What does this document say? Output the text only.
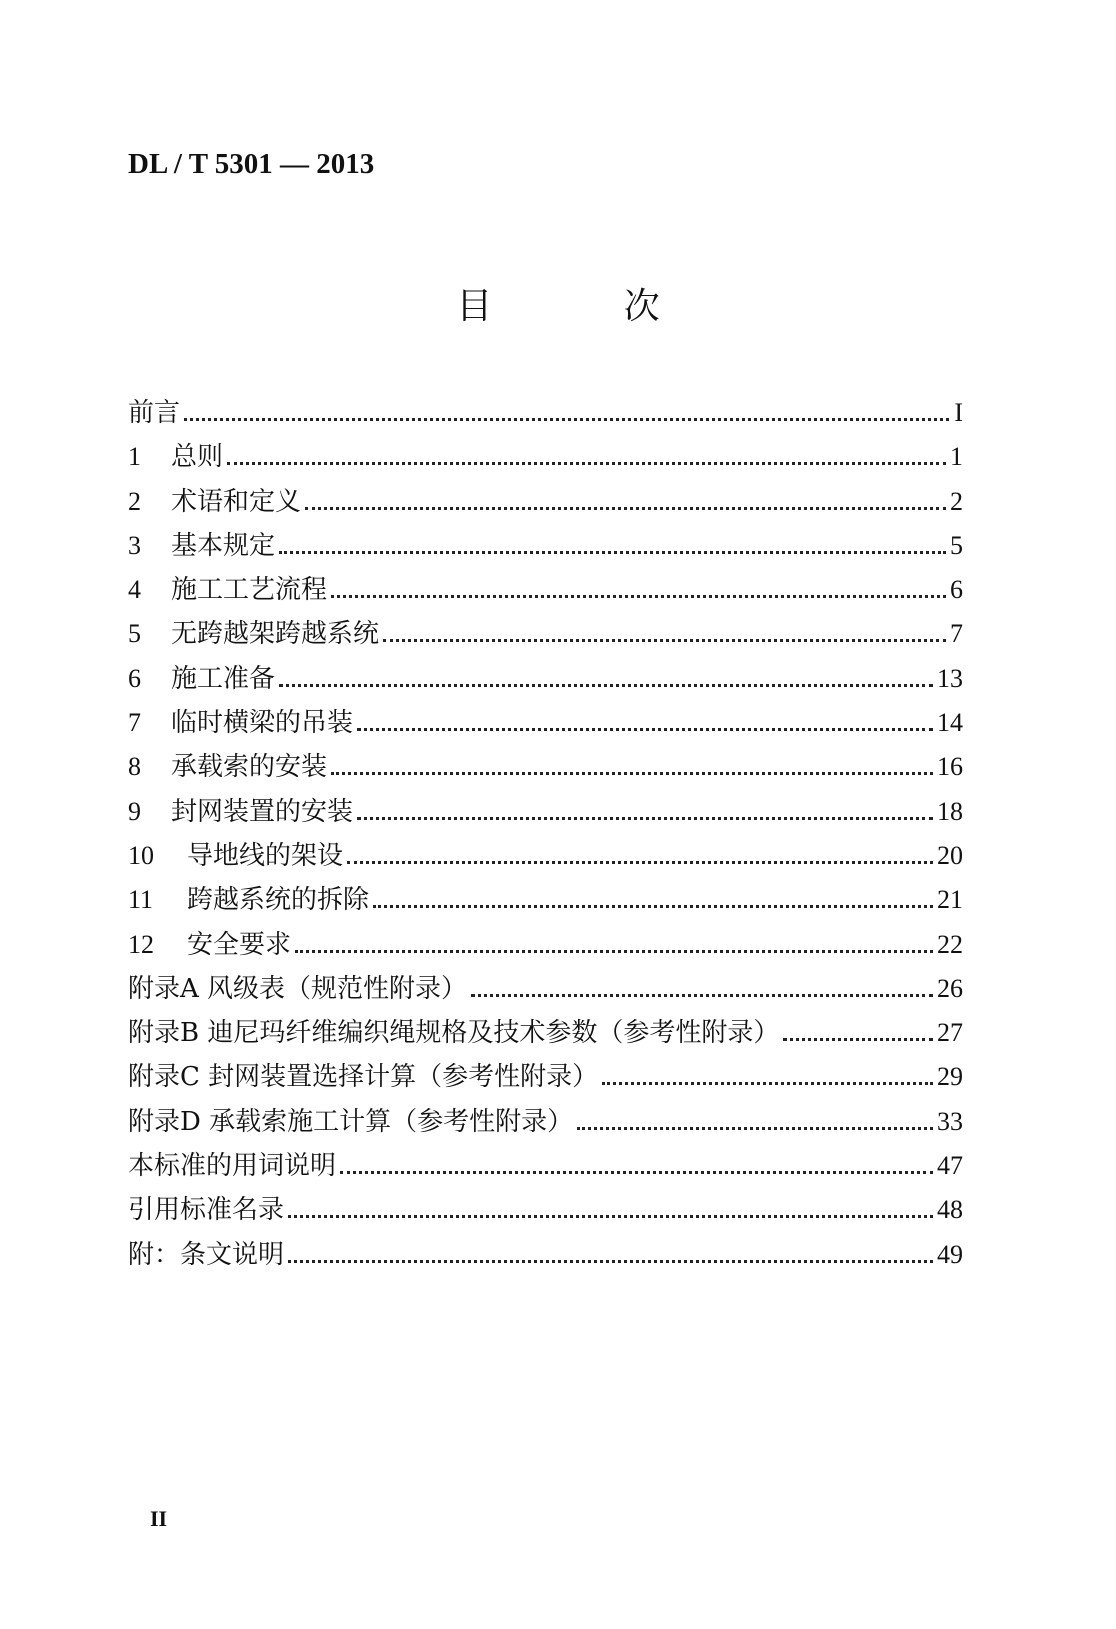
DL / T 5301 — 2013
目 次
前言	I
1	总则	1
2	术语和定义	2
3	基本规定	5
4	施工工艺流程	6
5	无跨越架跨越系统	7
6	施工准备	13
7	临时横梁的吊装	14
8	承载索的安装	16
9	封网装置的安装	18
10	导地线的架设	20
11	跨越系统的拆除	21
12	安全要求	22
附录A 风级表（规范性附录）	26
附录B 迪尼玛纤维编织绳规格及技术参数（参考性附录）	27
附录C 封网装置选择计算（参考性附录）	29
附录D 承载索施工计算（参考性附录）	33
本标准的用词说明	47
引用标准名录	48
附：条文说明	49
II
